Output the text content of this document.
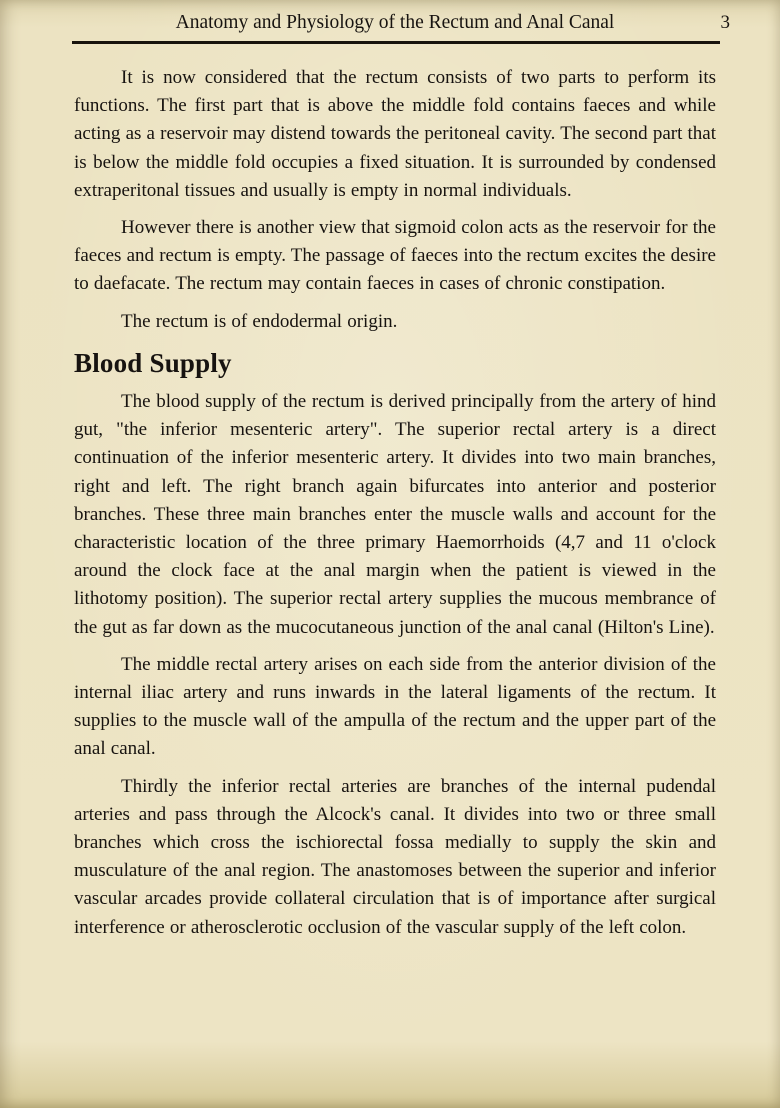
Anatomy and Physiology of the Rectum and Anal Canal	3

It is now considered that the rectum consists of two parts to perform its functions. The first part that is above the middle fold contains faeces and while acting as a reservoir may distend towards the peritoneal cavity. The second part that is below the middle fold occupies a fixed situation. It is surrounded by condensed extraperitonal tissues and usually is empty in normal individuals.

However there is another view that sigmoid colon acts as the reservoir for the faeces and rectum is empty. The passage of faeces into the rectum excites the desire to daefacate. The rectum may contain faeces in cases of chronic constipation.

The rectum is of endodermal origin.

Blood Supply

The blood supply of the rectum is derived principally from the artery of hind gut, "the inferior mesenteric artery". The superior rectal artery is a direct continuation of the inferior mesenteric artery. It divides into two main branches, right and left. The right branch again bifurcates into anterior and posterior branches. These three main branches enter the muscle walls and account for the characteristic location of the three primary Haemorrhoids (4,7 and 11 o'clock around the clock face at the anal margin when the patient is viewed in the lithotomy position). The superior rectal artery supplies the mucous membrance of the gut as far down as the mucocutaneous junction of the anal canal (Hilton's Line).

The middle rectal artery arises on each side from the anterior division of the internal iliac artery and runs inwards in the lateral ligaments of the rectum. It supplies to the muscle wall of the ampulla of the rectum and the upper part of the anal canal.

Thirdly the inferior rectal arteries are branches of the internal pudendal arteries and pass through the Alcock's canal. It divides into two or three small branches which cross the ischiorectal fossa medially to supply the skin and musculature of the anal region. The anastomoses between the superior and inferior vascular arcades provide collateral circulation that is of importance after surgical interference or atherosclerotic occlusion of the vascular supply of the left colon.
